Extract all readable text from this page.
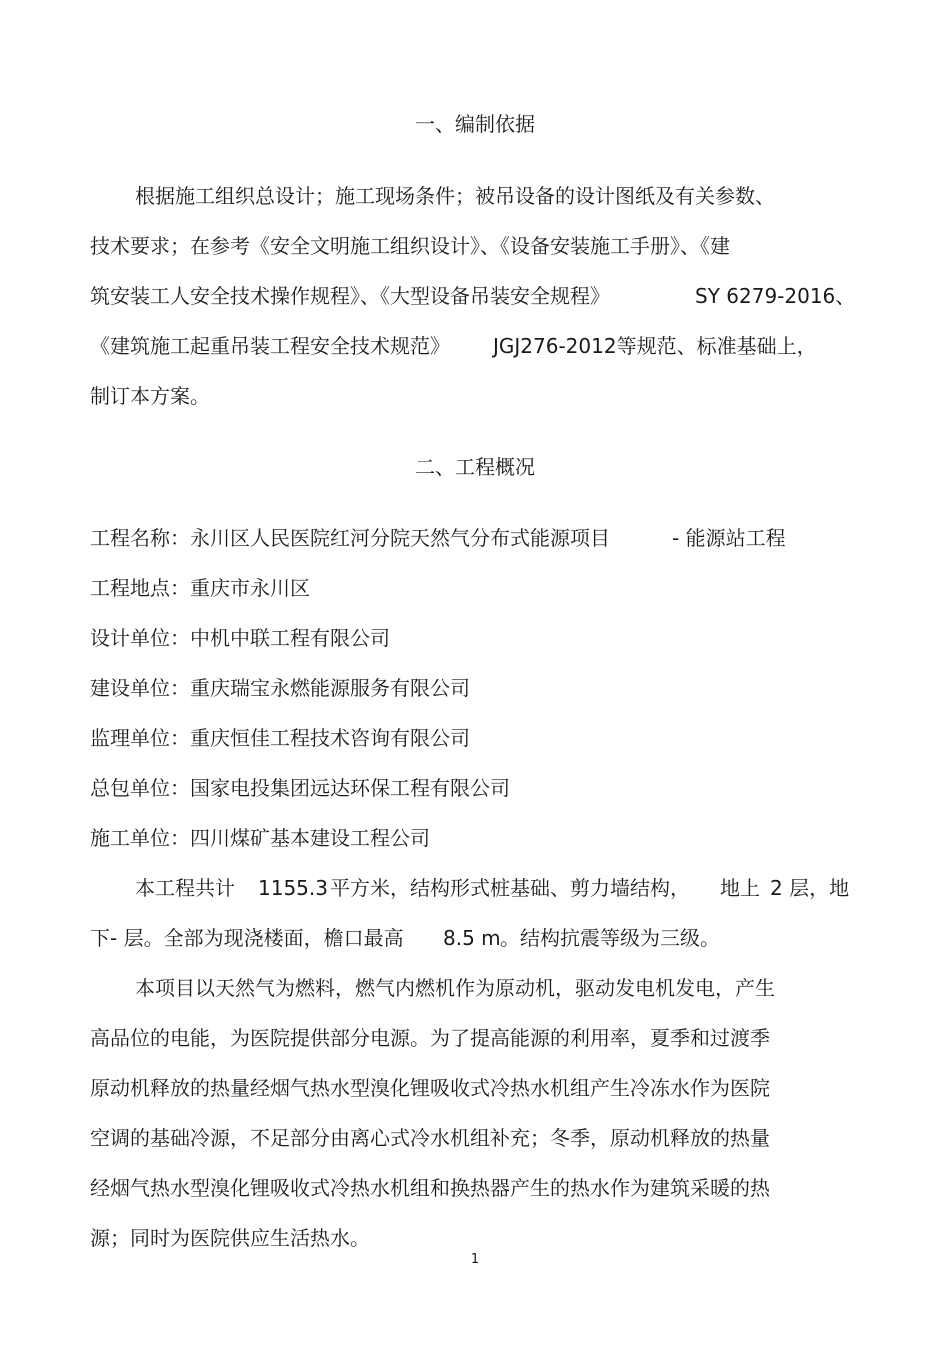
一、编制依据

根据施工组织总设计；施工现场条件；被吊设备的设计图纸及有关参数、

技术要求；在参考《安全文明施工组织设计》、《设备安装施工手册》、《建

筑安装工人安全技术操作规程》、《大型设备吊装安全规程》	SY 6279-2016、

《建筑施工起重吊装工程安全技术规范》 JGJ276-2012等规范、标准基础上，

制订本方案。

二、工程概况

工程名称：永川区人民医院红河分院天然气分布式能源项目	- 能源站工程

工程地点：重庆市永川区

设计单位：中机中联工程有限公司

建设单位：重庆瑞宝永燃能源服务有限公司

监理单位：重庆恒佳工程技术咨询有限公司

总包单位：国家电投集团远达环保工程有限公司

施工单位：四川煤矿基本建设工程公司

本工程共计 1155.3 平方米，结构形式桩基础、剪力墙结构， 地上 2 层，地

下- 层。全部为现浇楼面，檐口最高 8.5 m 。结构抗震等级为三级。

本项目以天然气为燃料，燃气内燃机作为原动机，驱动发电机发电，产生

高品位的电能，为医院提供部分电源。为了提高能源的利用率，夏季和过渡季

原动机释放的热量经烟气热水型溴化锂吸收式冷热水机组产生冷冻水作为医院

空调的基础冷源，不足部分由离心式冷水机组补充；冬季，原动机释放的热量

经烟气热水型溴化锂吸收式冷热水机组和换热器产生的热水作为建筑采暖的热

源；同时为医院供应生活热水。

1
